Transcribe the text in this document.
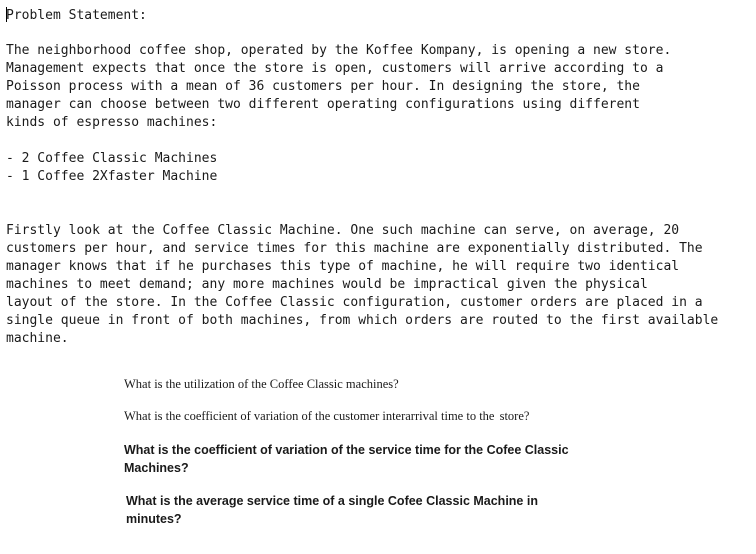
Problem Statement:
The neighborhood coffee shop, operated by the Koffee Kompany, is opening a new store.
Management expects that once the store is open, customers will arrive according to a
Poisson process with a mean of 36 customers per hour. In designing the store, the
manager can choose between two different operating configurations using different
kinds of espresso machines:
- 2 Coffee Classic Machines
- 1 Coffee 2Xfaster Machine
Firstly look at the Coffee Classic Machine. One such machine can serve, on average, 20
customers per hour, and service times for this machine are exponentially distributed. The
manager knows that if he purchases this type of machine, he will require two identical
machines to meet demand; any more machines would be impractical given the physical
layout of the store. In the Coffee Classic configuration, customer orders are placed in a
single queue in front of both machines, from which orders are routed to the first available
machine.
What is the utilization of the Coffee Classic machines?
What is the coefficient of variation of the customer interarrival time to the store?
What is the coefficient of variation of the service time for the Cofee Classic Machines?
What is the average service time of a single Cofee Classic Machine in minutes?
